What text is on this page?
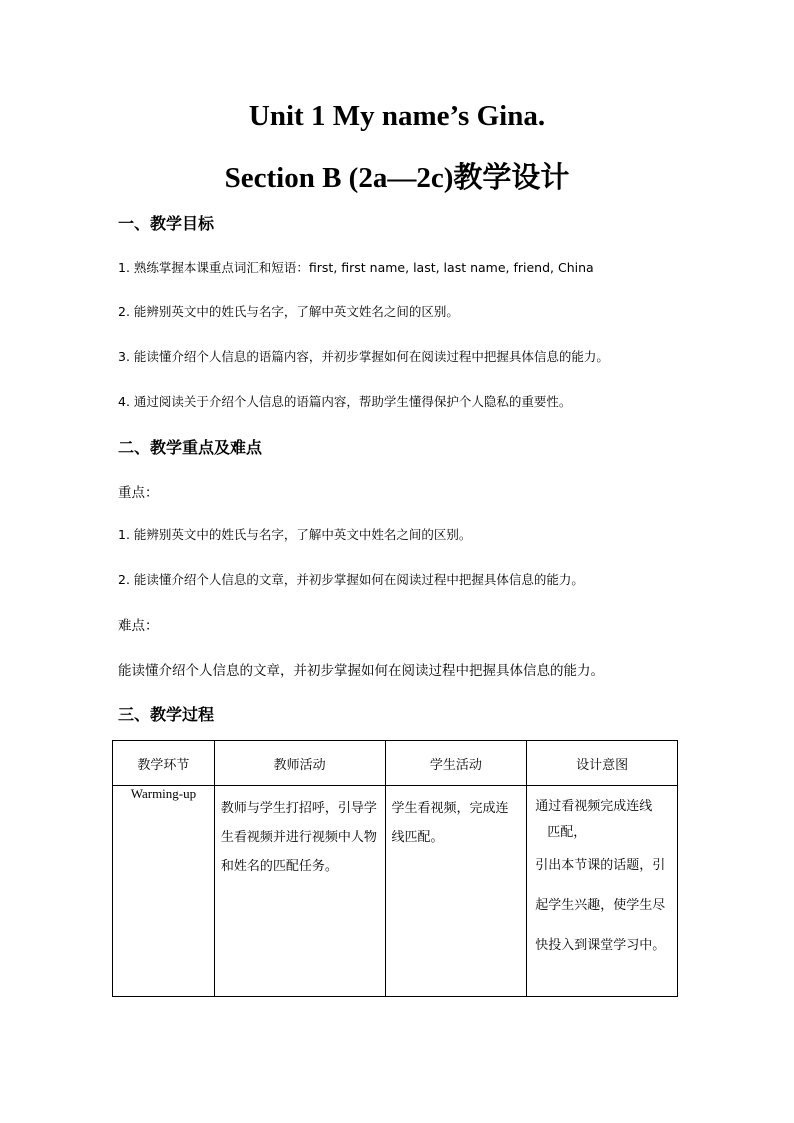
Unit 1 My name’s Gina.
Section B (2a—2c)教学设计
一、教学目标
1. 熟练掌握本课重点词汇和短语：first, first name, last, last name, friend, China
2. 能辨别英文中的姓氏与名字，了解中英文姓名之间的区别。
3. 能读懂介绍个人信息的语篇内容，并初步掌握如何在阅读过程中把握具体信息的能力。
4. 通过阅读关于介绍个人信息的语篇内容，帮助学生懂得保护个人隐私的重要性。
二、教学重点及难点
重点：
1. 能辨别英文中的姓氏与名字，了解中英文中姓名之间的区别。
2. 能读懂介绍个人信息的文章，并初步掌握如何在阅读过程中把握具体信息的能力。
难点：
能读懂介绍个人信息的文章，并初步掌握如何在阅读过程中把握具体信息的能力。
三、教学过程
教学环节	教师活动	学生活动	设计意图
Warming-up	教师与学生打招呼，引导学生看视频并进行视频中人物和姓名的匹配任务。	学生看视频，完成连线匹配。	通过看视频完成连线
匹配，
引出本节课的话题，引起学生兴趣，使学生尽快投入到课堂学习中。
